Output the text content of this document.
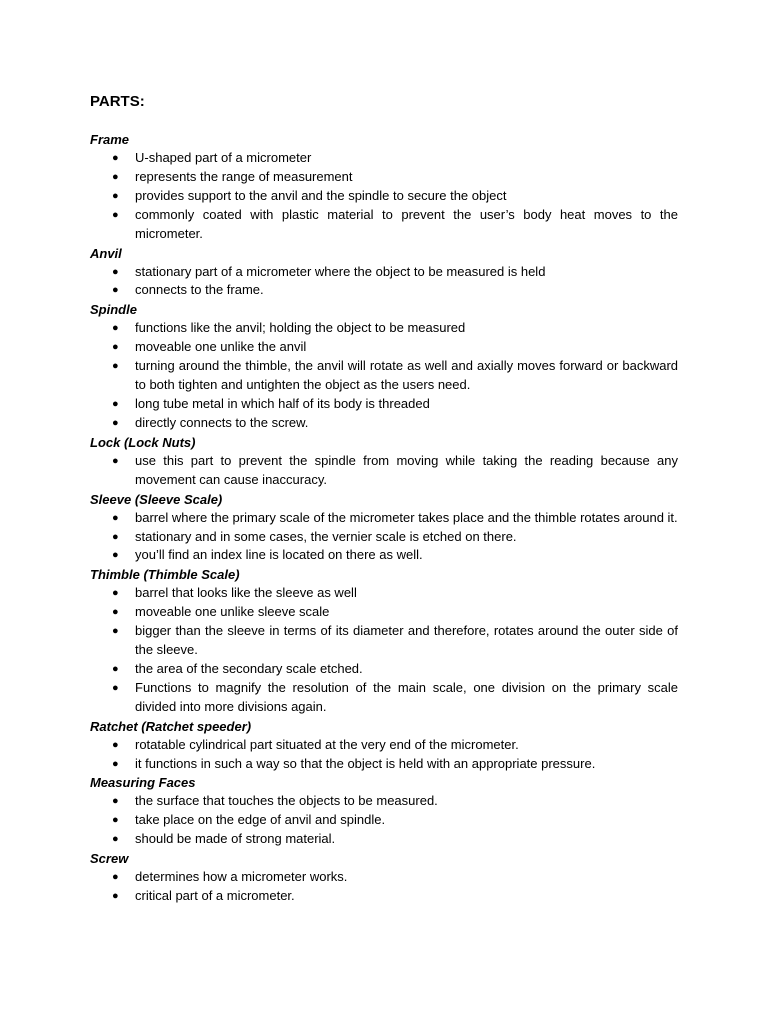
PARTS:
Frame
● U-shaped part of a micrometer
● represents the range of measurement
● provides support to the anvil and the spindle to secure the object
● commonly coated with plastic material to prevent the user’s body heat moves to the micrometer.
Anvil
● stationary part of a micrometer where the object to be measured is held
● connects to the frame.
Spindle
● functions like the anvil; holding the object to be measured
● moveable one unlike the anvil
● turning around the thimble, the anvil will rotate as well and axially moves forward or backward to both tighten and untighten the object as the users need.
● long tube metal in which half of its body is threaded
● directly connects to the screw.
Lock (Lock Nuts)
● use this part to prevent the spindle from moving while taking the reading because any movement can cause inaccuracy.
Sleeve (Sleeve Scale)
● barrel where the primary scale of the micrometer takes place and the thimble rotates around it.
● stationary and in some cases, the vernier scale is etched on there.
● you’ll find an index line is located on there as well.
Thimble (Thimble Scale)
● barrel that looks like the sleeve as well
● moveable one unlike sleeve scale
● bigger than the sleeve in terms of its diameter and therefore, rotates around the outer side of the sleeve.
● the area of the secondary scale etched.
● Functions to magnify the resolution of the main scale, one division on the primary scale divided into more divisions again.
Ratchet (Ratchet speeder)
● rotatable cylindrical part situated at the very end of the micrometer.
● it functions in such a way so that the object is held with an appropriate pressure.
Measuring Faces
● the surface that touches the objects to be measured.
● take place on the edge of anvil and spindle.
● should be made of strong material.
Screw
● determines how a micrometer works.
● critical part of a micrometer.
